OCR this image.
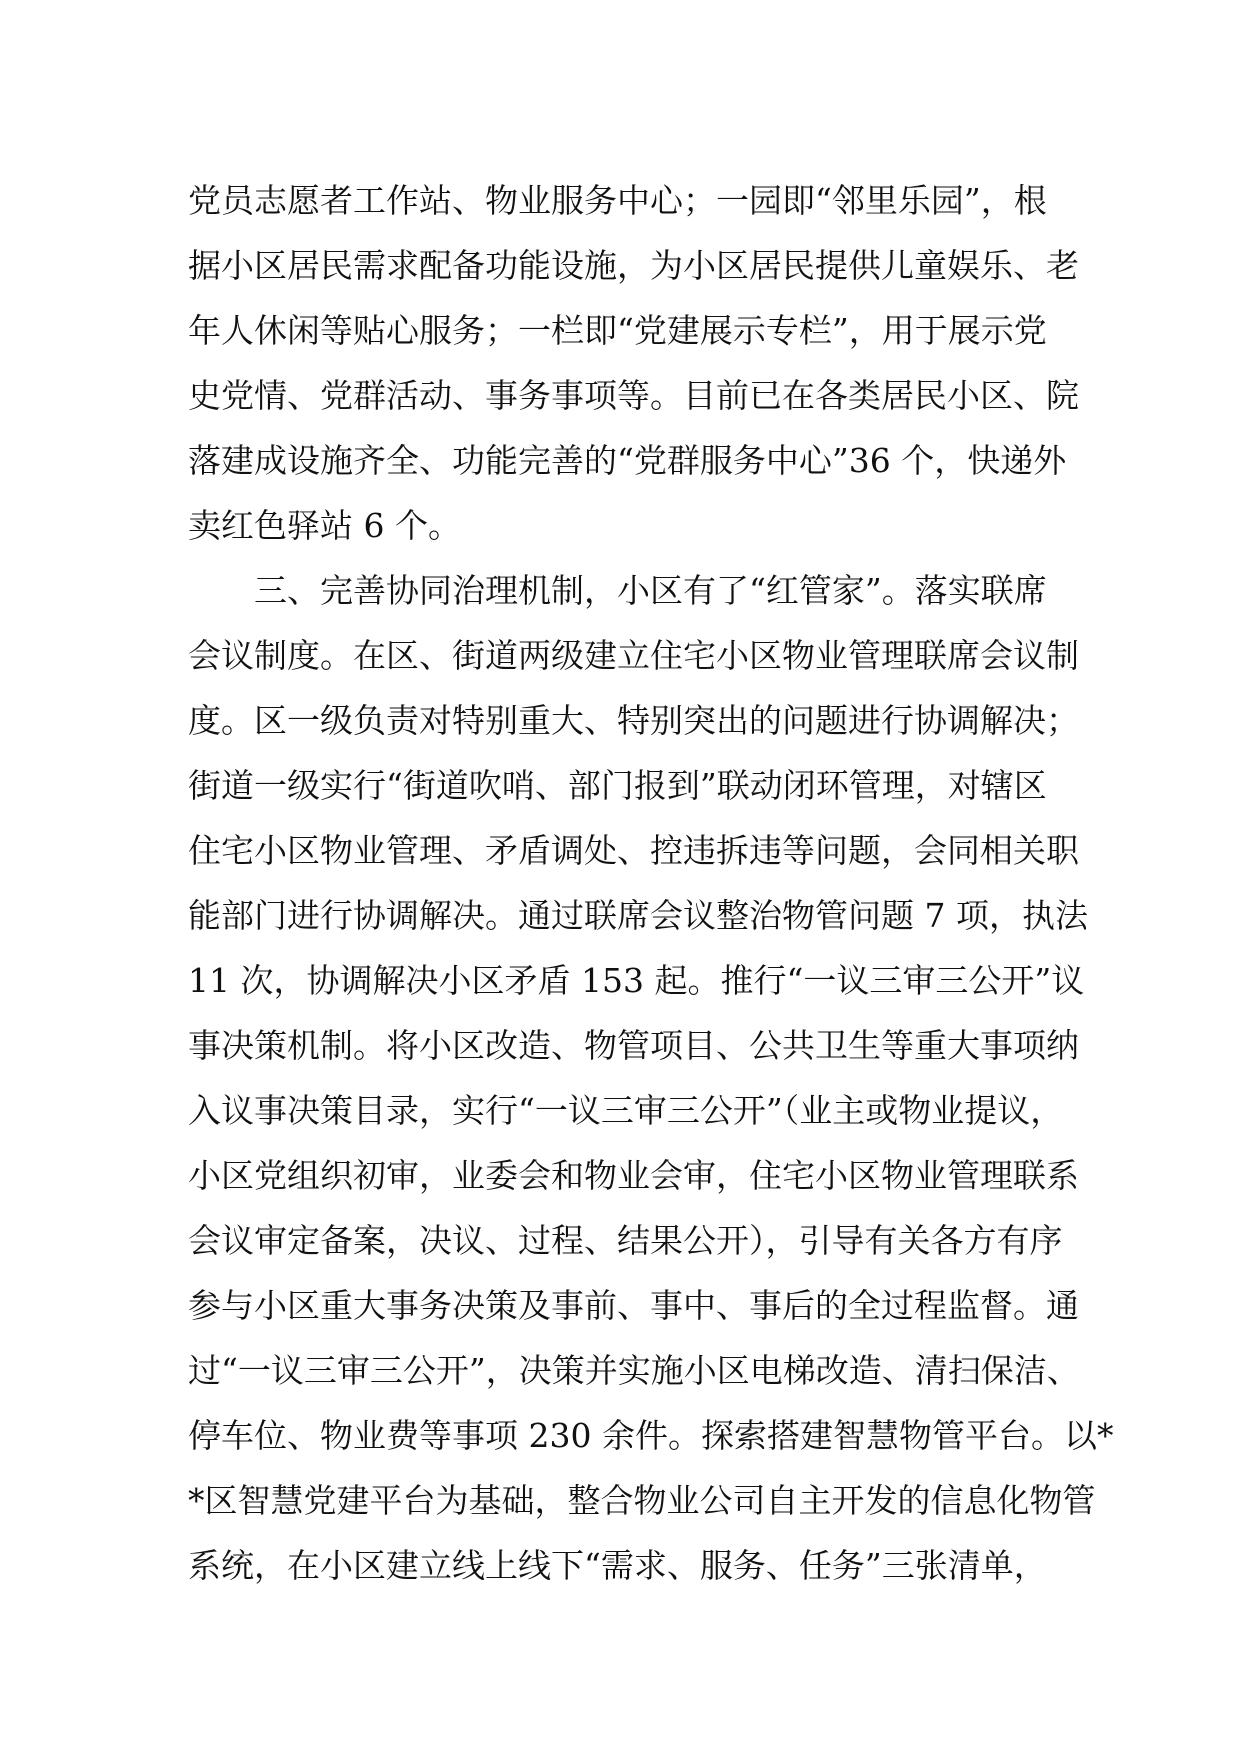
党员志愿者工作站、物业服务中心；一园即“邻里乐园”，根
据小区居民需求配备功能设施，为小区居民提供儿童娱乐、老
年人休闲等贴心服务；一栏即“党建展示专栏”，用于展示党
史党情、党群活动、事务事项等。目前已在各类居民小区、院
落建成设施齐全、功能完善的“党群服务中心”36 个，快递外
卖红色驿站 6 个。
　　三、完善协同治理机制，小区有了“红管家”。落实联席
会议制度。在区、街道两级建立住宅小区物业管理联席会议制
度。区一级负责对特别重大、特别突出的问题进行协调解决；
街道一级实行“街道吹哨、部门报到”联动闭环管理，对辖区
住宅小区物业管理、矛盾调处、控违拆违等问题，会同相关职
能部门进行协调解决。通过联席会议整治物管问题 7 项，执法
11 次，协调解决小区矛盾 153 起。推行“一议三审三公开”议
事决策机制。将小区改造、物管项目、公共卫生等重大事项纳
入议事决策目录，实行“一议三审三公开”（业主或物业提议，
小区党组织初审，业委会和物业会审，住宅小区物业管理联系
会议审定备案，决议、过程、结果公开），引导有关各方有序
参与小区重大事务决策及事前、事中、事后的全过程监督。通
过“一议三审三公开”，决策并实施小区电梯改造、清扫保洁、
停车位、物业费等事项 230 余件。探索搭建智慧物管平台。以*
*区智慧党建平台为基础，整合物业公司自主开发的信息化物管
系统，在小区建立线上线下“需求、服务、任务”三张清单，
